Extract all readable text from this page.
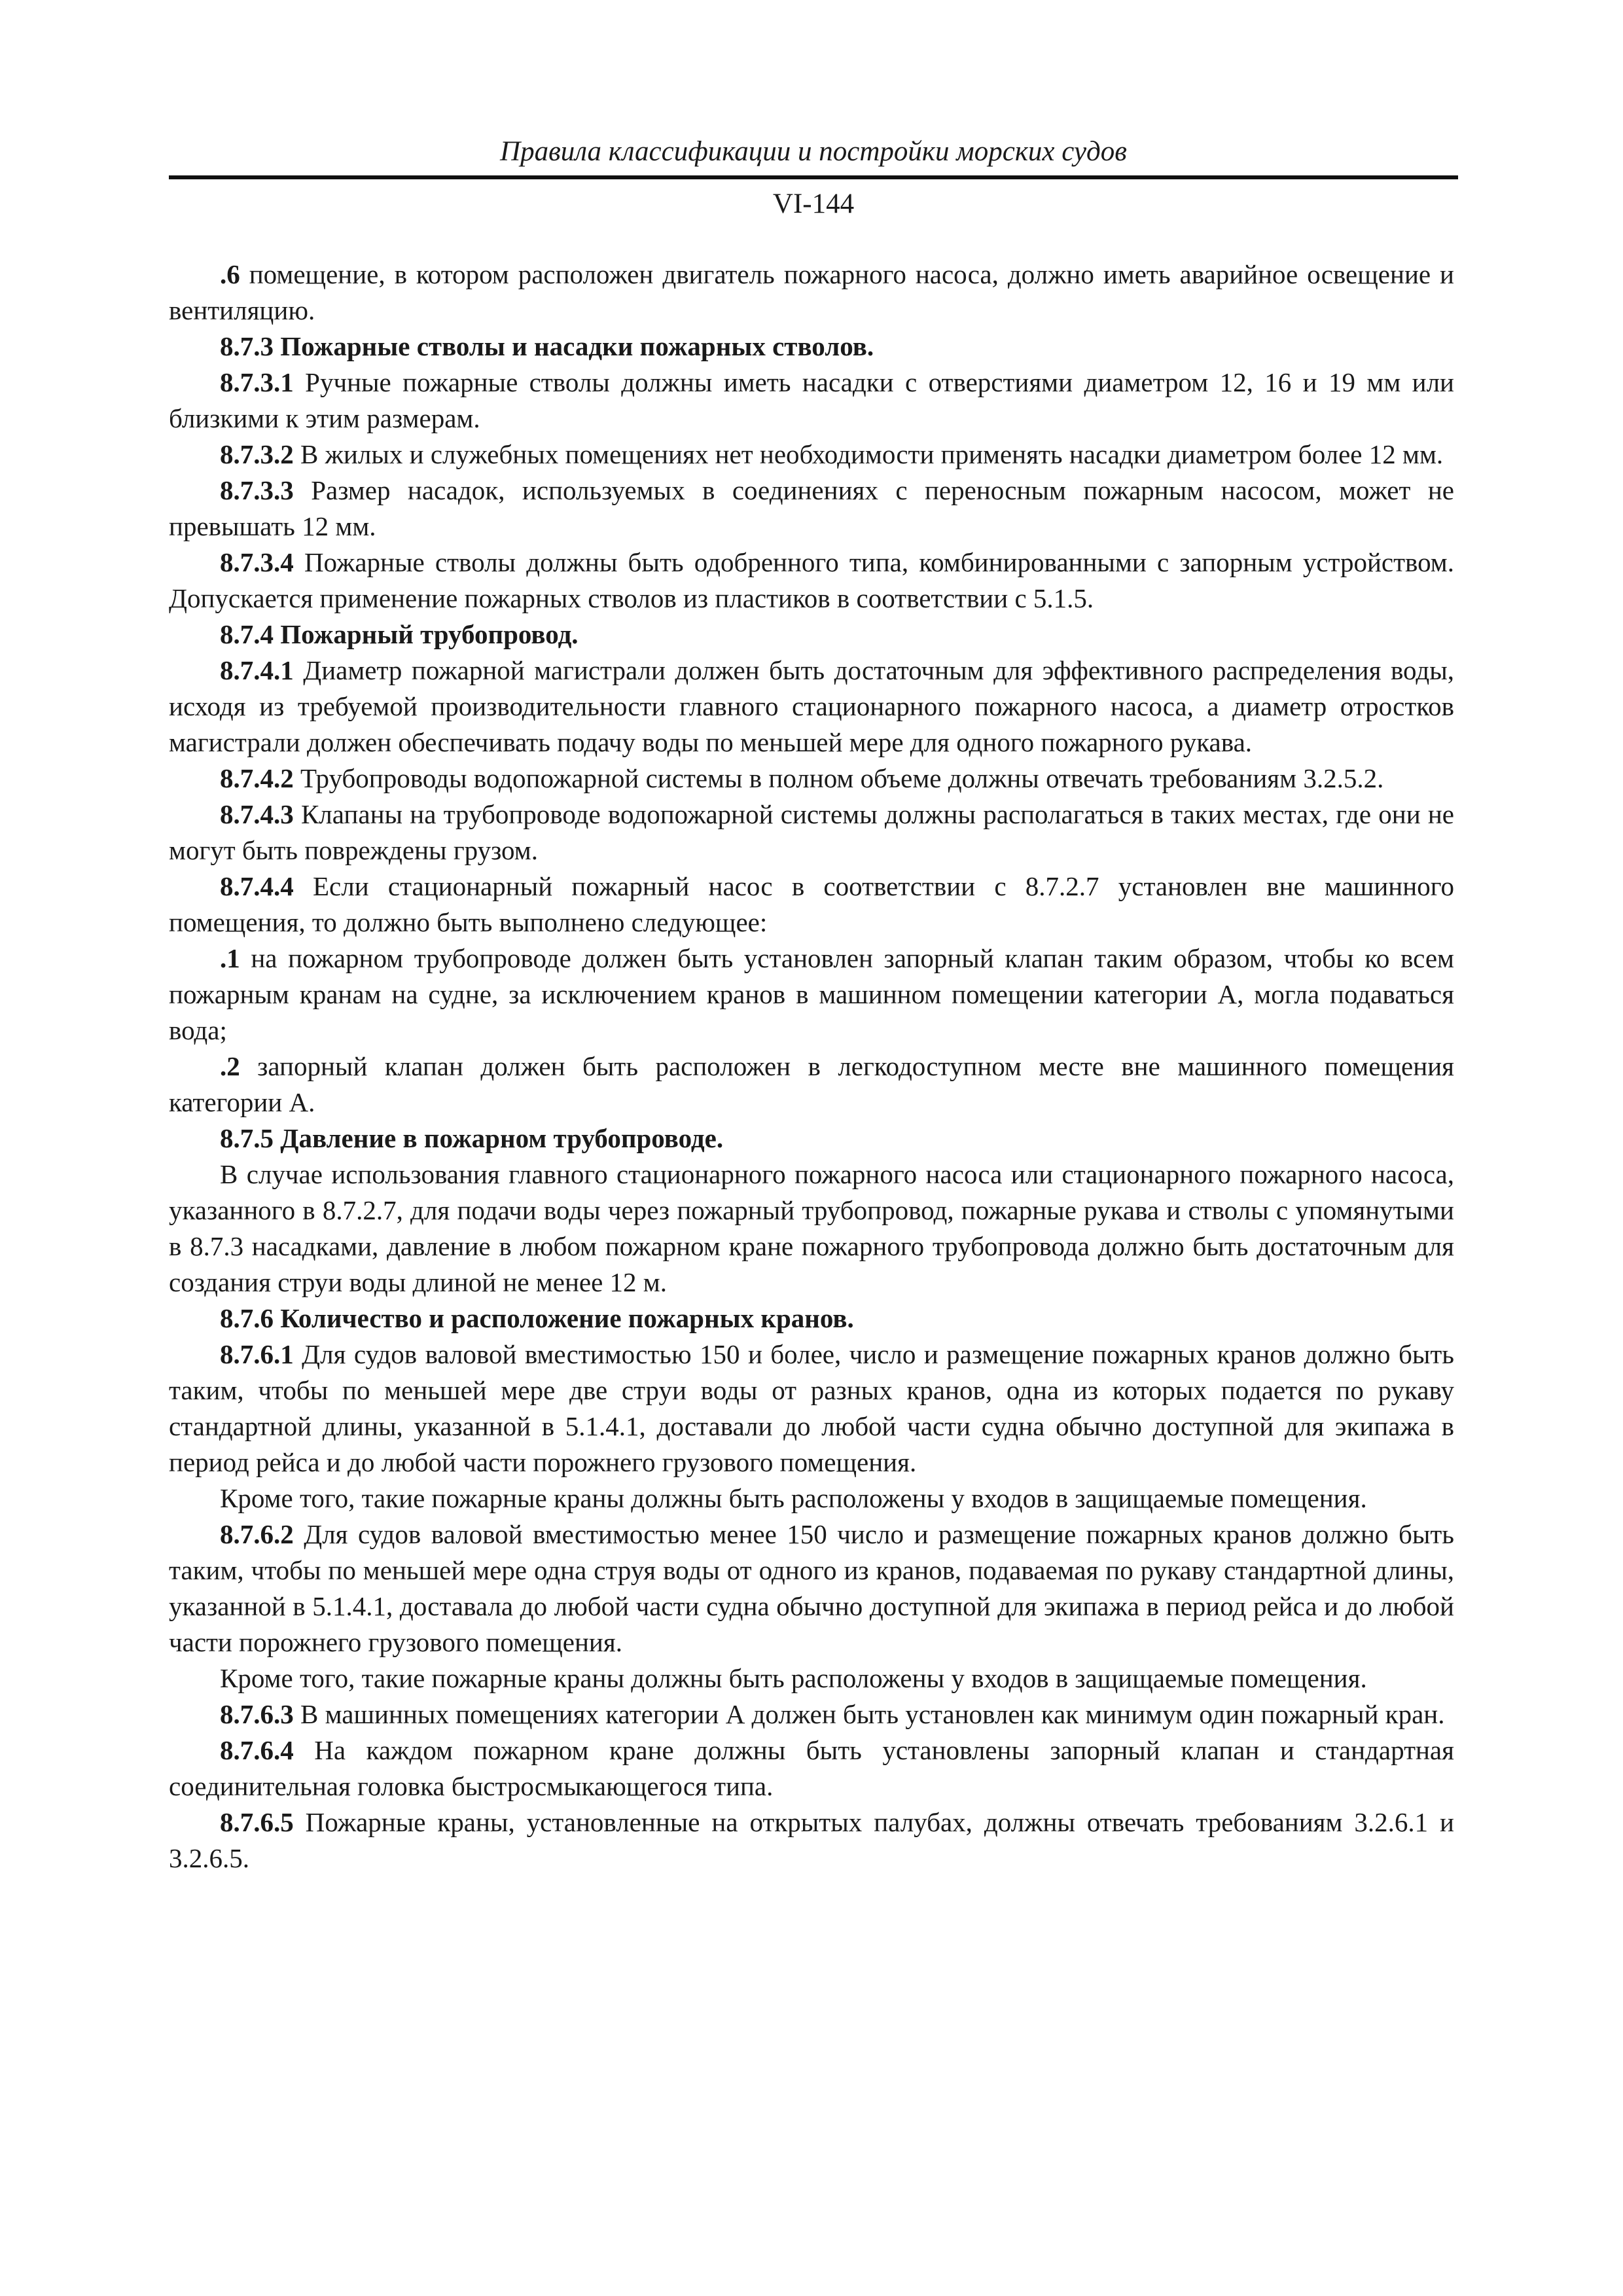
Правила классификации и постройки морских судов
VI-144

.6 помещение, в котором расположен двигатель пожарного насоса, должно иметь аварийное освещение и вентиляцию.

8.7.3 Пожарные стволы и насадки пожарных стволов.

8.7.3.1 Ручные пожарные стволы должны иметь насадки с отверстиями диаметром 12, 16 и 19 мм или близкими к этим размерам.

8.7.3.2 В жилых и служебных помещениях нет необходимости применять насадки диаметром более 12 мм.

8.7.3.3 Размер насадок, используемых в соединениях с переносным пожарным насосом, может не превышать 12 мм.

8.7.3.4 Пожарные стволы должны быть одобренного типа, комбинированными с запорным устройством. Допускается применение пожарных стволов из пластиков в соответствии с 5.1.5.

8.7.4 Пожарный трубопровод.

8.7.4.1 Диаметр пожарной магистрали должен быть достаточным для эффективного распределения воды, исходя из требуемой производительности главного стационарного пожарного насоса, а диаметр отростков магистрали должен обеспечивать подачу воды по меньшей мере для одного пожарного рукава.

8.7.4.2 Трубопроводы водопожарной системы в полном объеме должны отвечать требованиям 3.2.5.2.

8.7.4.3 Клапаны на трубопроводе водопожарной системы должны располагаться в таких местах, где они не могут быть повреждены грузом.

8.7.4.4 Если стационарный пожарный насос в соответствии с 8.7.2.7 установлен вне машинного помещения, то должно быть выполнено следующее:

.1 на пожарном трубопроводе должен быть установлен запорный клапан таким образом, чтобы ко всем пожарным кранам на судне, за исключением кранов в машинном помещении категории А, могла подаваться вода;

.2 запорный клапан должен быть расположен в легкодоступном месте вне машинного помещения категории А.

8.7.5 Давление в пожарном трубопроводе.

В случае использования главного стационарного пожарного насоса или стационарного пожарного насоса, указанного в 8.7.2.7, для подачи воды через пожарный трубопровод, пожарные рукава и стволы с упомянутыми в 8.7.3 насадками, давление в любом пожарном кране пожарного трубопровода должно быть достаточным для создания струи воды длиной не менее 12 м.

8.7.6 Количество и расположение пожарных кранов.

8.7.6.1 Для судов валовой вместимостью 150 и более, число и размещение пожарных кранов должно быть таким, чтобы по меньшей мере две струи воды от разных кранов, одна из которых подается по рукаву стандартной длины, указанной в 5.1.4.1, доставали до любой части судна обычно доступной для экипажа в период рейса и до любой части порожнего грузового помещения.

Кроме того, такие пожарные краны должны быть расположены у входов в защищаемые помещения.

8.7.6.2 Для судов валовой вместимостью менее 150 число и размещение пожарных кранов должно быть таким, чтобы по меньшей мере одна струя воды от одного из кранов, подаваемая по рукаву стандартной длины, указанной в 5.1.4.1, доставала до любой части судна обычно доступной для экипажа в период рейса и до любой части порожнего грузового помещения.

Кроме того, такие пожарные краны должны быть расположены у входов в защищаемые помещения.

8.7.6.3 В машинных помещениях категории А должен быть установлен как минимум один пожарный кран.

8.7.6.4 На каждом пожарном кране должны быть установлены запорный клапан и стандартная соединительная головка быстросмыкающегося типа.

8.7.6.5 Пожарные краны, установленные на открытых палубах, должны отвечать требованиям 3.2.6.1 и 3.2.6.5.
